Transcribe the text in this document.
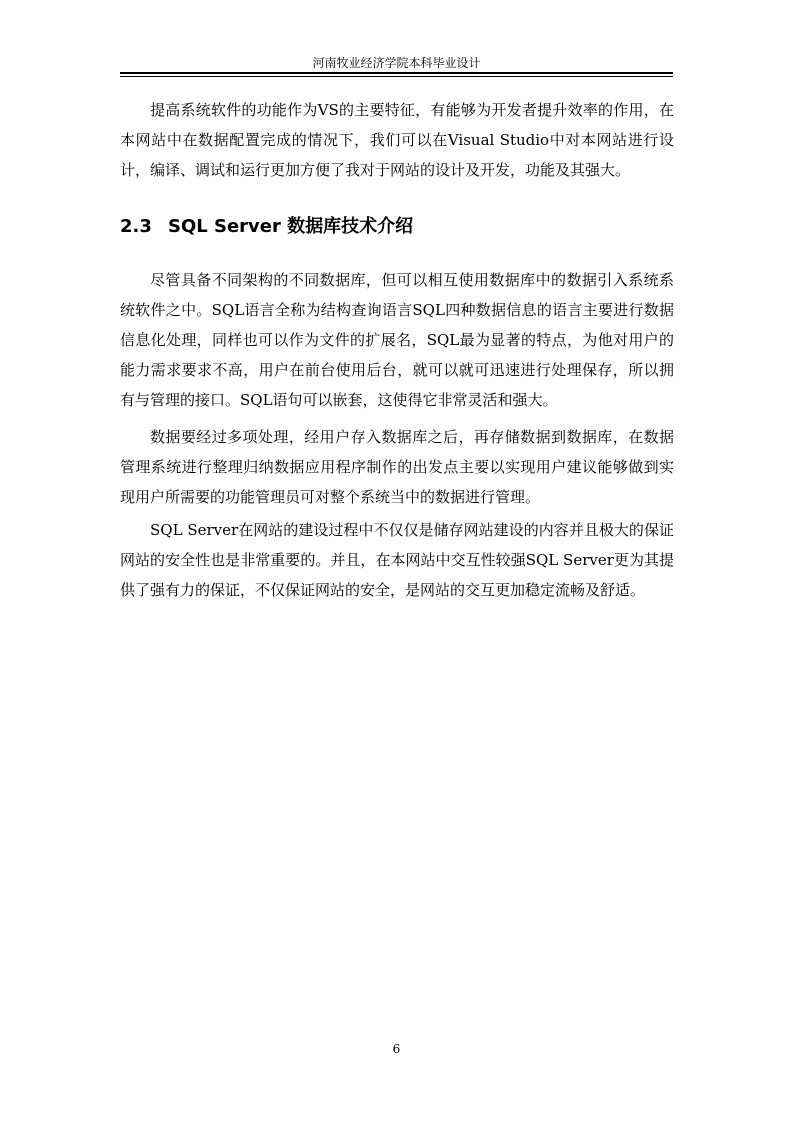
河南牧业经济学院本科毕业设计

提高系统软件的功能作为VS的主要特征，有能够为开发者提升效率的作用，在本网站中在数据配置完成的情况下，我们可以在Visual Studio中对本网站进行设计，编译、调试和运行更加方便了我对于网站的设计及开发，功能及其强大。

2.3 SQL Server 数据库技术介绍

尽管具备不同架构的不同数据库，但可以相互使用数据库中的数据引入系统系统软件之中。SQL语言全称为结构查询语言SQL四种数据信息的语言主要进行数据信息化处理，同样也可以作为文件的扩展名，SQL最为显著的特点，为他对用户的能力需求要求不高，用户在前台使用后台，就可以就可迅速进行处理保存，所以拥有与管理的接口。SQL语句可以嵌套，这使得它非常灵活和强大。

数据要经过多项处理，经用户存入数据库之后，再存储数据到数据库，在数据管理系统进行整理归纳数据应用程序制作的出发点主要以实现用户建议能够做到实现用户所需要的功能管理员可对整个系统当中的数据进行管理。

SQL Server在网站的建设过程中不仅仅是储存网站建设的内容并且极大的保证网站的安全性也是非常重要的。并且，在本网站中交互性较强SQL Server更为其提供了强有力的保证，不仅保证网站的安全，是网站的交互更加稳定流畅及舒适。

6
